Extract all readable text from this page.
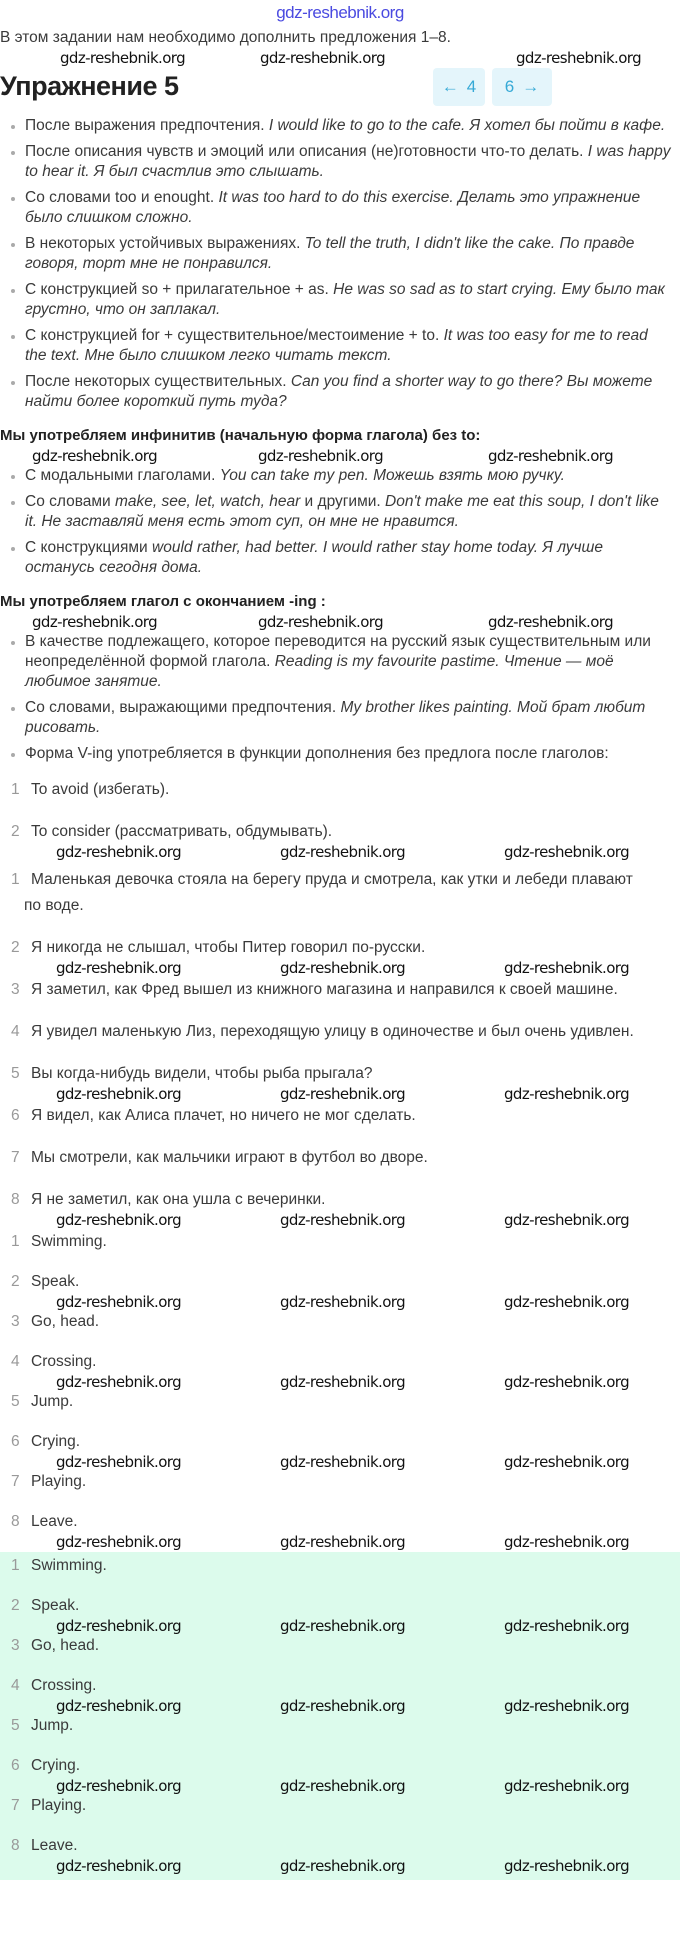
gdz-reshebnik.org
В этом задании нам необходимо дополнить предложения 1–8.
gdz-reshebnik.org	gdz-reshebnik.org	gdz-reshebnik.org
Упражнение 5	← 4 6 →
После выражения предпочтения. I would like to go to the cafe. Я хотел бы пойти в кафе.
После описания чувств и эмоций или описания (не)готовности что-то делать. I was happy to hear it. Я был счастлив это слышать.
Со словами too и enought. It was too hard to do this exercise. Делать это упражнение было слишком сложно.
В некоторых устойчивых выражениях. To tell the truth, I didn't like the cake. По правде говоря, торт мне не понравился.
С конструкцией so + прилагательное + as. He was so sad as to start crying. Ему было так грустно, что он заплакал.
С конструкцией for + существительное/местоимение + to. It was too easy for me to read the text. Мне было слишком легко читать текст.
После некоторых существительных. Can you find a shorter way to go there? Вы можете найти более короткий путь туда?
Мы употребляем инфинитив (начальную форма глагола) без to:
gdz-reshebnik.org	gdz-reshebnik.org	gdz-reshebnik.org
С модальными глаголами. You can take my pen. Можешь взять мою ручку.
Со словами make, see, let, watch, hear и другими. Don't make me eat this soup, I don't like it. Не заставляй меня есть этот суп, он мне не нравится.
С конструкциями would rather, had better. I would rather stay home today. Я лучше останусь сегодня дома.
Мы употребляем глагол с окончанием -ing :
gdz-reshebnik.org	gdz-reshebnik.org	gdz-reshebnik.org
В качестве подлежащего, которое переводится на русский язык существительным или неопределённой формой глагола. Reading is my favourite pastime. Чтение — моё любимое занятие.
Со словами, выражающими предпочтения. My brother likes painting. Мой брат любит рисовать.
Форма V-ing употребляется в функции дополнения без предлога после глаголов:
1 To avoid (избегать).
2 To consider (рассматривать, обдумывать).
gdz-reshebnik.org	gdz-reshebnik.org	gdz-reshebnik.org
1 Маленькая девочка стояла на берегу пруда и смотрела, как утки и лебеди плавают
по воде.
2 Я никогда не слышал, чтобы Питер говорил по-русски.
gdz-reshebnik.org	gdz-reshebnik.org	gdz-reshebnik.org
3 Я заметил, как Фред вышел из книжного магазина и направился к своей машине.
4 Я увидел маленькую Лиз, переходящую улицу в одиночестве и был очень удивлен.
5 Вы когда-нибудь видели, чтобы рыба прыгала?
gdz-reshebnik.org	gdz-reshebnik.org	gdz-reshebnik.org
6 Я видел, как Алиса плачет, но ничего не мог сделать.
7 Мы смотрели, как мальчики играют в футбол во дворе.
8 Я не заметил, как она ушла с вечеринки.
gdz-reshebnik.org	gdz-reshebnik.org	gdz-reshebnik.org
1 Swimming.
2 Speak.
gdz-reshebnik.org	gdz-reshebnik.org	gdz-reshebnik.org
3 Go, head.
4 Crossing.
gdz-reshebnik.org	gdz-reshebnik.org	gdz-reshebnik.org
5 Jump.
6 Crying.
gdz-reshebnik.org	gdz-reshebnik.org	gdz-reshebnik.org
7 Playing.
8 Leave.
gdz-reshebnik.org	gdz-reshebnik.org	gdz-reshebnik.org
1 Swimming.
2 Speak.
gdz-reshebnik.org	gdz-reshebnik.org	gdz-reshebnik.org
3 Go, head.
4 Crossing.
gdz-reshebnik.org	gdz-reshebnik.org	gdz-reshebnik.org
5 Jump.
6 Crying.
gdz-reshebnik.org	gdz-reshebnik.org	gdz-reshebnik.org
7 Playing.
8 Leave.
gdz-reshebnik.org	gdz-reshebnik.org	gdz-reshebnik.org
